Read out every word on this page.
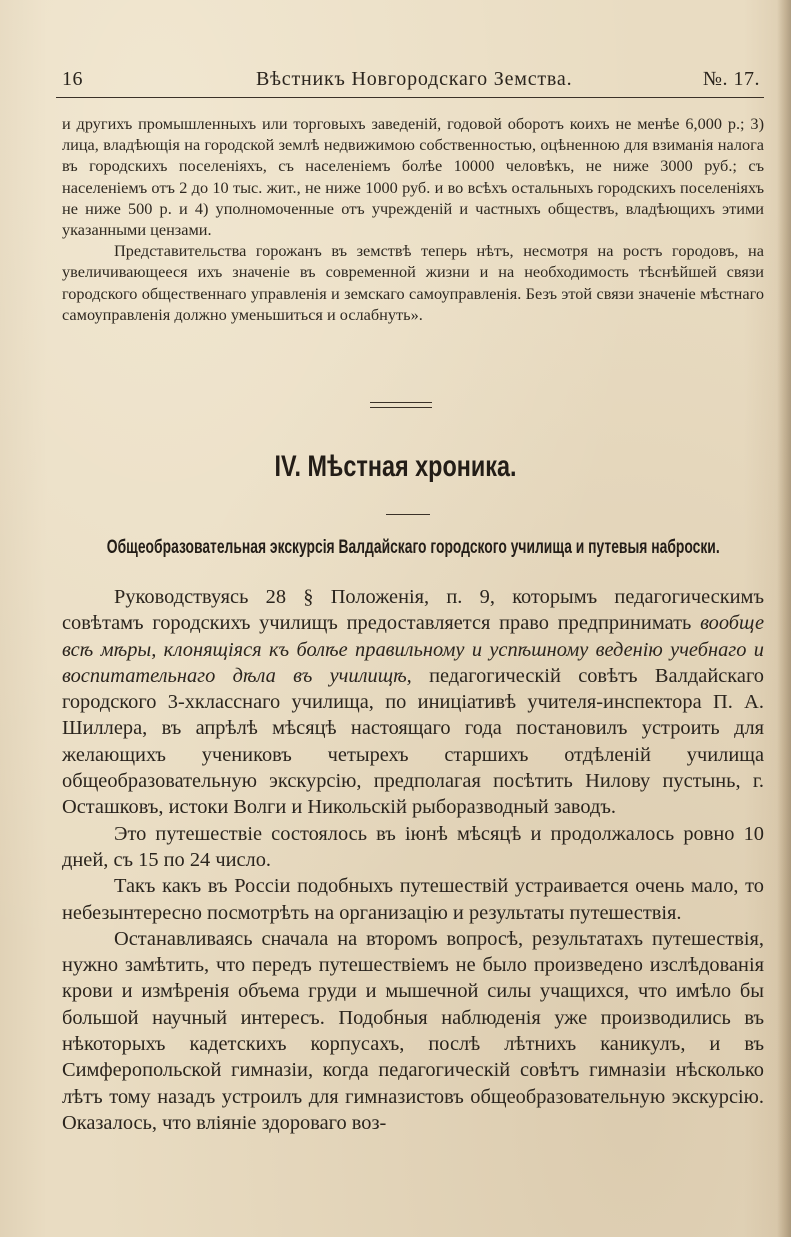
16	Вѣстникъ Новгородскаго Земства.	№. 17.

и другихъ промышленныхъ или торговыхъ заведеній, годовой оборотъ коихъ не менѣе 6,000 р.; 3) лица, владѣющія на городской землѣ недвижимою собственностью, оцѣненною для взиманія налога въ городскихъ поселеніяхъ, съ населеніемъ болѣе 10000 человѣкъ, не ниже 3000 руб.; съ населеніемъ отъ 2 до 10 тыс. жит., не ниже 1000 руб. и во всѣхъ остальныхъ городскихъ поселеніяхъ не ниже 500 р. и 4) уполномоченные отъ учрежденій и частныхъ обществъ, владѣющихъ этими указанными цензами.

Представительства горожанъ въ земствѣ теперь нѣтъ, несмотря на ростъ городовъ, на увеличивающееся ихъ значеніе въ современной жизни и на необходимость тѣснѣйшей связи городского общественнаго управленія и земскаго самоуправленія. Безъ этой связи значеніе мѣстнаго самоуправленія должно уменьшиться и ослабнуть».

IV. Мѣстная хроника.
Общеобразовательная экскурсія Валдайскаго городского училища и путевыя наброски.

Руководствуясь 28 § Положенія, п. 9, которымъ педагогическимъ совѣтамъ городскихъ училищъ предоставляется право предпринимать вообще всѣ мѣры, клонящіяся къ болѣе правильному и успѣшному веденію учебнаго и воспитательнаго дѣла въ училищѣ, педагогическій совѣтъ Валдайскаго городского 3-хкласснаго училища, по иниціативѣ учителя-инспектора П. А. Шиллера, въ апрѣлѣ мѣсяцѣ настоящаго года постановилъ устроить для желающихъ учениковъ четырехъ старшихъ отдѣленій училища общеобразовательную экскурсію, предполагая посѣтить Нилову пустынь, г. Осташковъ, истоки Волги и Никольскій рыборазводный заводъ.

Это путешествіе состоялось въ іюнѣ мѣсяцѣ и продолжалось ровно 10 дней, съ 15 по 24 число.

Такъ какъ въ Россіи подобныхъ путешествій устраивается очень мало, то небезынтересно посмотрѣть на организацію и результаты путешествія.

Останавливаясь сначала на второмъ вопросѣ, результатахъ путешествія, нужно замѣтить, что передъ путешествіемъ не было произведено изслѣдованія крови и измѣренія объема груди и мышечной силы учащихся, что имѣло бы большой научный интересъ. Подобныя наблюденія уже производились въ нѣкоторыхъ кадетскихъ корпусахъ, послѣ лѣтнихъ каникулъ, и въ Симферопольской гимназіи, когда педагогическій совѣтъ гимназіи нѣсколько лѣтъ тому назадъ устроилъ для гимназистовъ общеобразовательную экскурсію. Оказалось, что вліяніе здороваго воз-
